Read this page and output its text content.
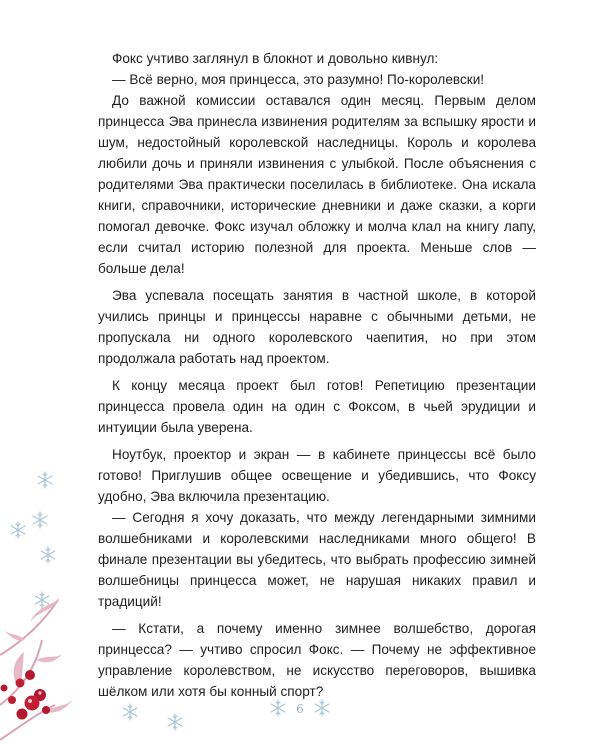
Фокс учтиво заглянул в блокнот и довольно кивнул:

— Всё верно, моя принцесса, это разумно! По-королевски!

До важной комиссии оставался один месяц. Первым делом принцесса Эва принесла извинения родителям за вспышку ярости и шум, недостойный королевской наследницы. Король и королева любили дочь и приняли извинения с улыбкой. После объяснения с родителями Эва практически поселилась в библиотеке. Она искала книги, справочники, исторические дневники и даже сказки, а корги помогал девочке. Фокс изучал обложку и молча клал на книгу лапу, если считал историю полезной для проекта. Меньше слов — больше дела!

Эва успевала посещать занятия в частной школе, в которой учились принцы и принцессы наравне с обычными детьми, не пропускала ни одного королевского чаепития, но при этом продолжала работать над проектом.

К концу месяца проект был готов! Репетицию презентации принцесса провела один на один с Фоксом, в чьей эрудиции и интуиции была уверена.

Ноутбук, проектор и экран — в кабинете принцессы всё было готово! Приглушив общее освещение и убедившись, что Фоксу удобно, Эва включила презентацию.

— Сегодня я хочу доказать, что между легендарными зимними волшебниками и королевскими наследниками много общего! В финале презентации вы убедитесь, что выбрать профессию зимней волшебницы принцесса может, не нарушая никаких правил и традиций!

— Кстати, а почему именно зимнее волшебство, дорогая принцесса? — учтиво спросил Фокс. — Почему не эффективное управление королевством, не искусство переговоров, вышивка шёлком или хотя бы конный спорт?

6
